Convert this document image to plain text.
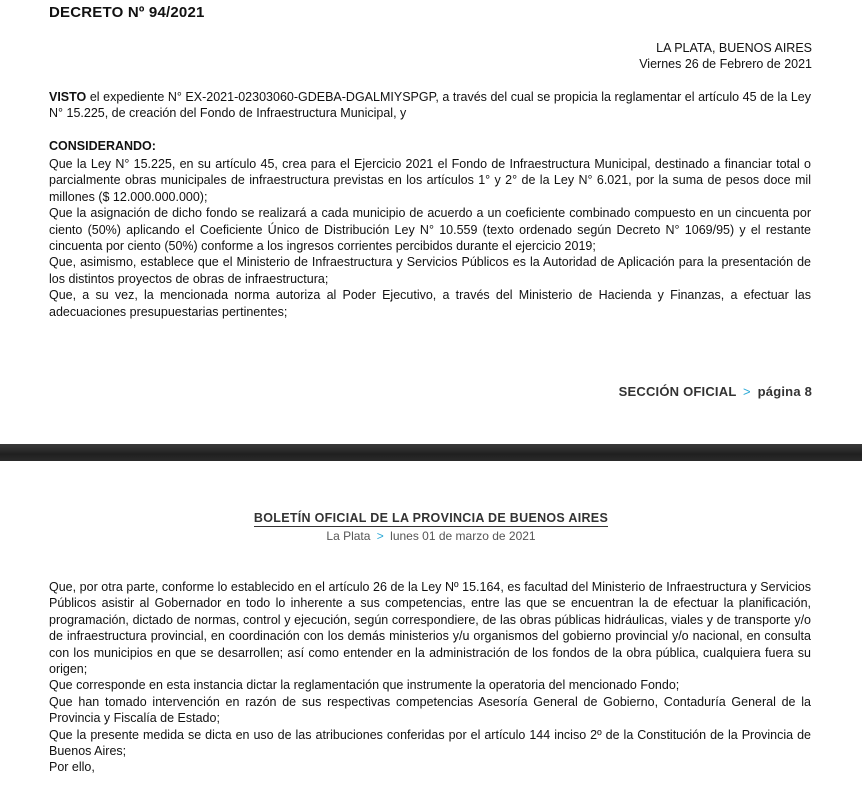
DECRETO Nº 94/2021
LA PLATA, BUENOS AIRES
Viernes 26 de Febrero de 2021

VISTO el expediente N° EX-2021-02303060-GDEBA-DGALMIYSPGP, a través del cual se propicia la reglamentar el artículo 45 de la Ley N° 15.225, de creación del Fondo de Infraestructura Municipal, y

CONSIDERANDO:

Que la Ley N° 15.225, en su artículo 45, crea para el Ejercicio 2021 el Fondo de Infraestructura Municipal, destinado a financiar total o parcialmente obras municipales de infraestructura previstas en los artículos 1° y 2° de la Ley N° 6.021, por la suma de pesos doce mil millones ($ 12.000.000.000);

Que la asignación de dicho fondo se realizará a cada municipio de acuerdo a un coeficiente combinado compuesto en un cincuenta por ciento (50%) aplicando el Coeficiente Único de Distribución Ley N° 10.559 (texto ordenado según Decreto N° 1069/95) y el restante cincuenta por ciento (50%) conforme a los ingresos corrientes percibidos durante el ejercicio 2019;

Que, asimismo, establece que el Ministerio de Infraestructura y Servicios Públicos es la Autoridad de Aplicación para la presentación de los distintos proyectos de obras de infraestructura;

Que, a su vez, la mencionada norma autoriza al Poder Ejecutivo, a través del Ministerio de Hacienda y Finanzas, a efectuar las adecuaciones presupuestarias pertinentes;

SECCIÓN OFICIAL > página 8
BOLETÍN OFICIAL DE LA PROVINCIA DE BUENOS AIRES
La Plata > lunes 01 de marzo de 2021

Que, por otra parte, conforme lo establecido en el artículo 26 de la Ley Nº 15.164, es facultad del Ministerio de Infraestructura y Servicios Públicos asistir al Gobernador en todo lo inherente a sus competencias, entre las que se encuentran la de efectuar la planificación, programación, dictado de normas, control y ejecución, según correspondiere, de las obras públicas hidráulicas, viales y de transporte y/o de infraestructura provincial, en coordinación con los demás ministerios y/u organismos del gobierno provincial y/o nacional, en consulta con los municipios en que se desarrollen; así como entender en la administración de los fondos de la obra pública, cualquiera fuera su origen;

Que corresponde en esta instancia dictar la reglamentación que instrumente la operatoria del mencionado Fondo;

Que han tomado intervención en razón de sus respectivas competencias Asesoría General de Gobierno, Contaduría General de la Provincia y Fiscalía de Estado;

Que la presente medida se dicta en uso de las atribuciones conferidas por el artículo 144 inciso 2º de la Constitución de la Provincia de Buenos Aires;

Por ello,
